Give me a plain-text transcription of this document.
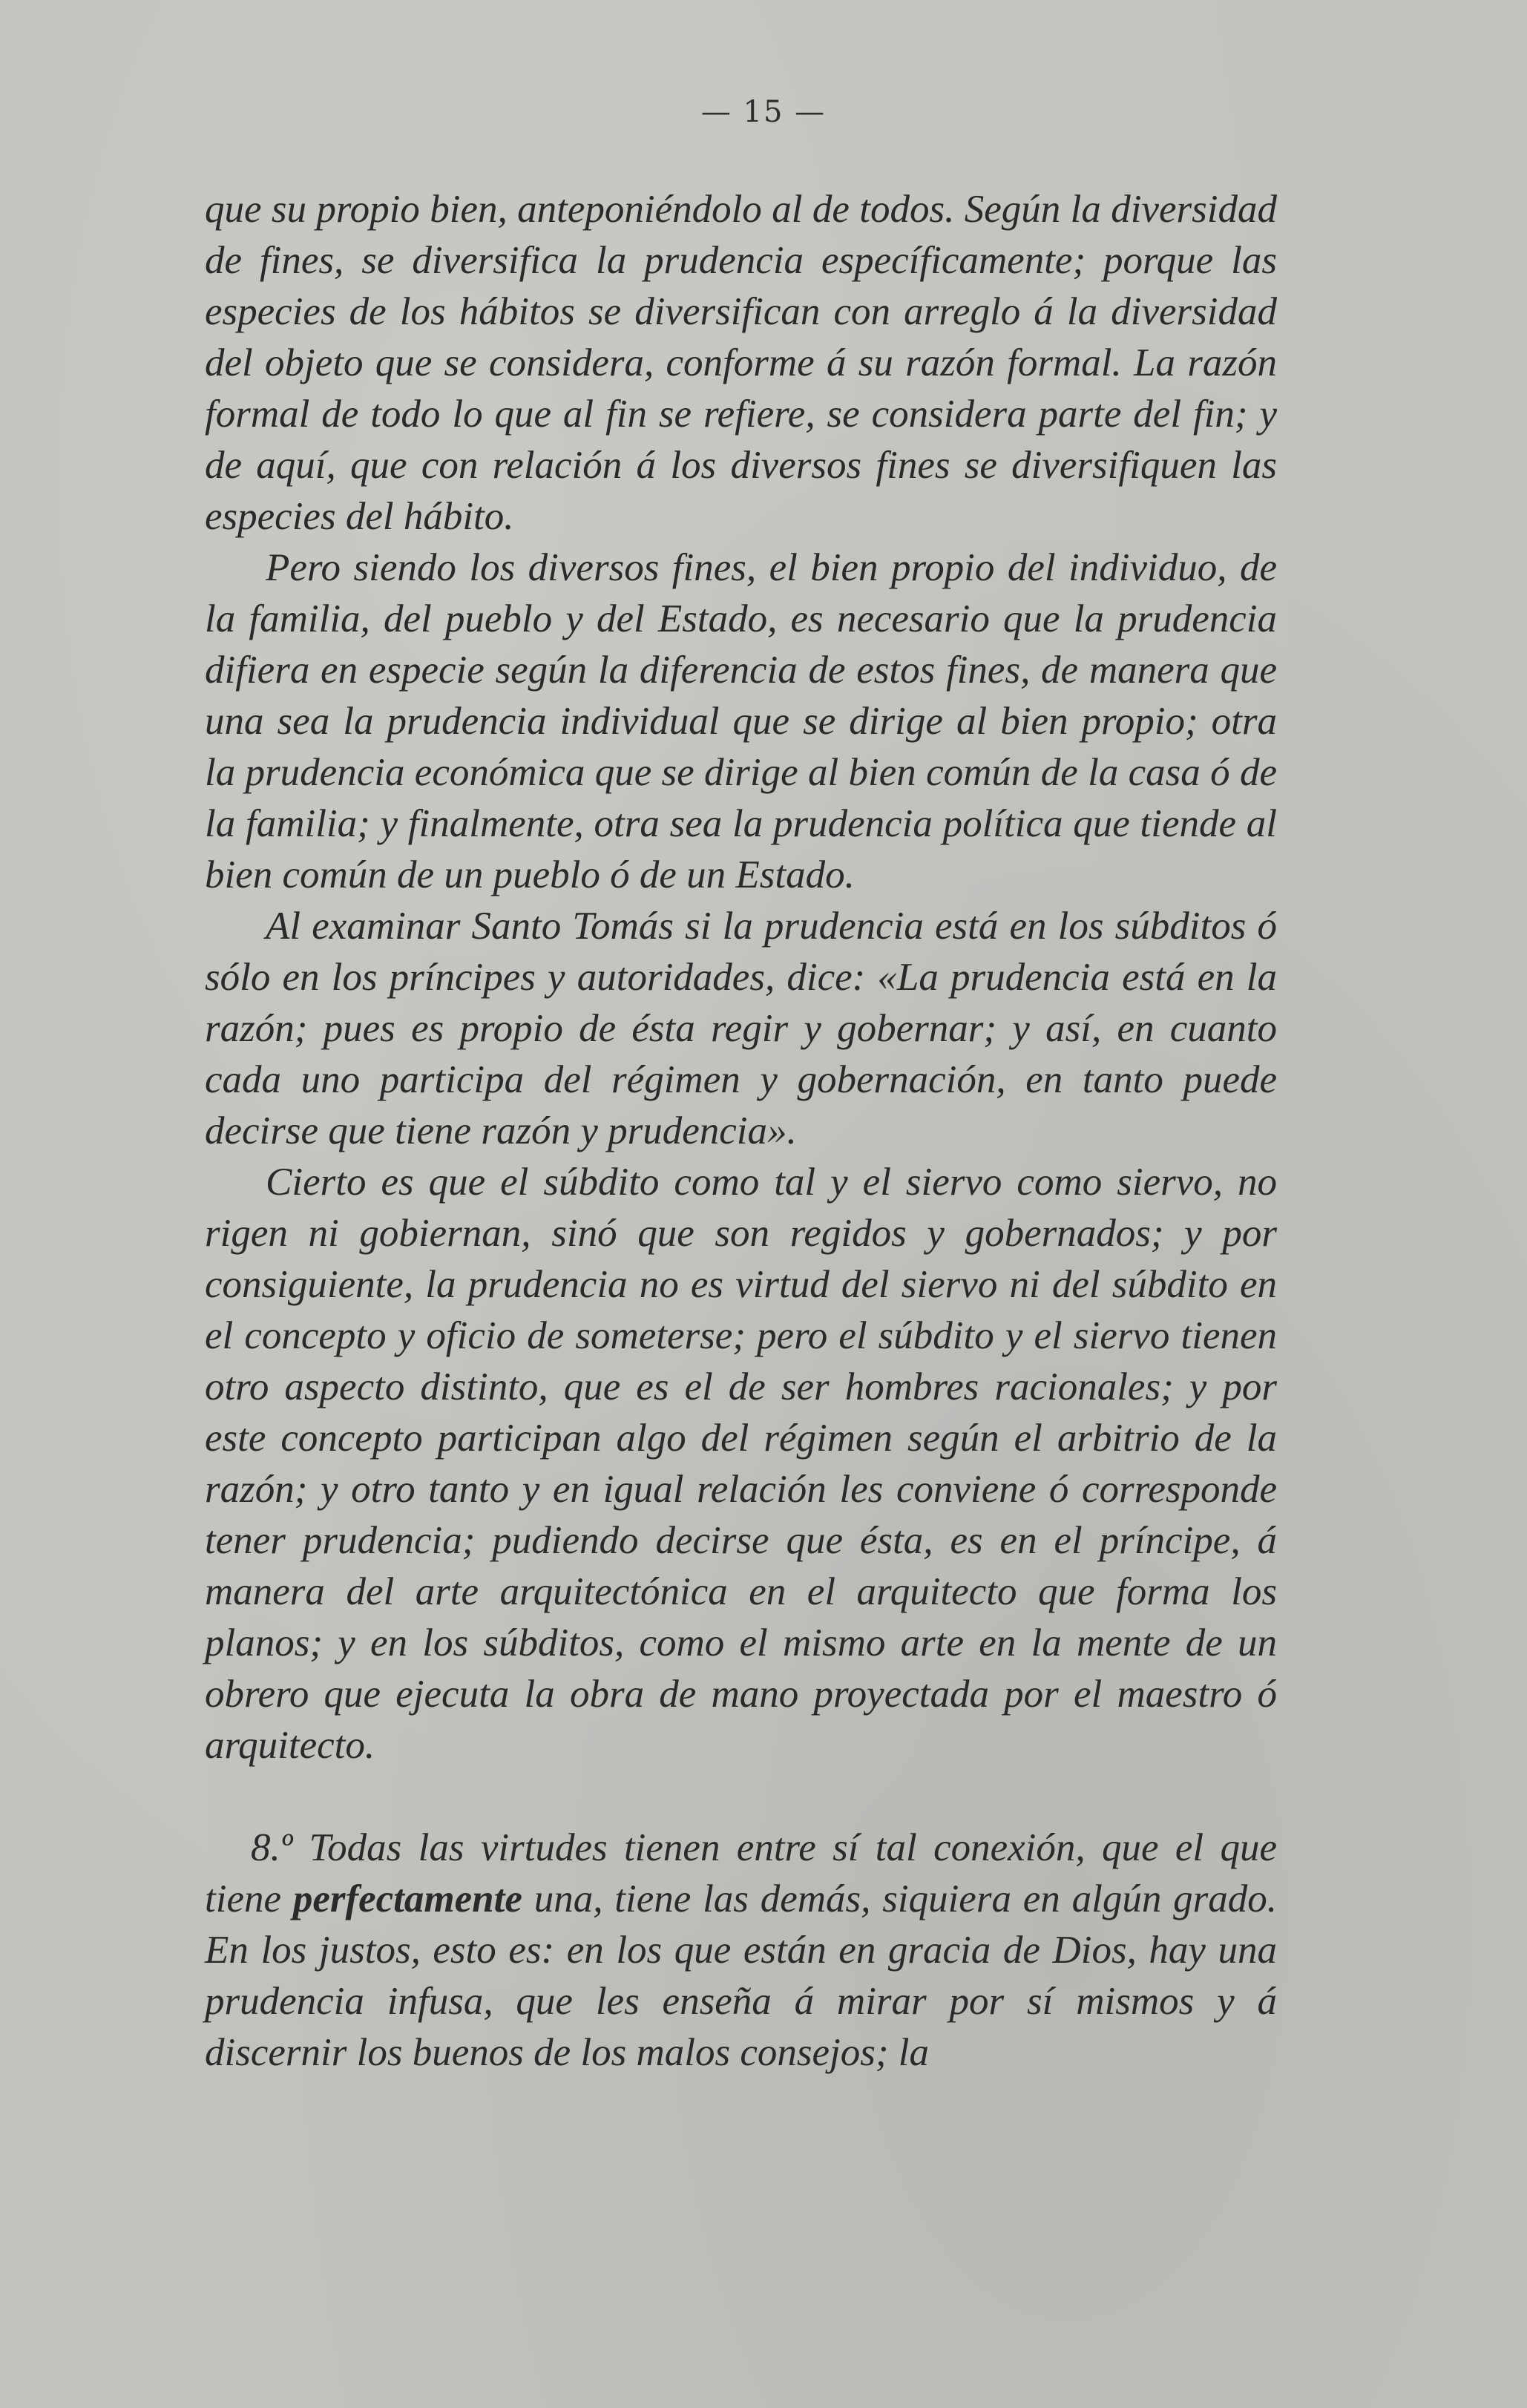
— 15 —

que su propio bien, anteponiéndolo al de todos. Según la diversidad de fines, se diversifica la prudencia específicamente; porque las especies de los hábitos se diversifican con arreglo á la diversidad del objeto que se considera, conforme á su razón formal. La razón formal de todo lo que al fin se refiere, se considera parte del fin; y de aquí, que con relación á los diversos fines se diversifiquen las especies del hábito.

Pero siendo los diversos fines, el bien propio del individuo, de la familia, del pueblo y del Estado, es necesario que la prudencia difiera en especie según la diferencia de estos fines, de manera que una sea la prudencia individual que se dirige al bien propio; otra la prudencia económica que se dirige al bien común de la casa ó de la familia; y finalmente, otra sea la prudencia política que tiende al bien común de un pueblo ó de un Estado.

Al examinar Santo Tomás si la prudencia está en los súbditos ó sólo en los príncipes y autoridades, dice: «La prudencia está en la razón; pues es propio de ésta regir y gobernar; y así, en cuanto cada uno participa del régimen y gobernación, en tanto puede decirse que tiene razón y prudencia».

Cierto es que el súbdito como tal y el siervo como siervo, no rigen ni gobiernan, sinó que son regidos y gobernados; y por consiguiente, la prudencia no es virtud del siervo ni del súbdito en el concepto y oficio de someterse; pero el súbdito y el siervo tienen otro aspecto distinto, que es el de ser hombres racionales; y por este concepto participan algo del régimen según el arbitrio de la razón; y otro tanto y en igual relación les conviene ó corresponde tener prudencia; pudiendo decirse que ésta, es en el príncipe, á manera del arte arquitectónica en el arquitecto que forma los planos; y en los súbditos, como el mismo arte en la mente de un obrero que ejecuta la obra de mano proyectada por el maestro ó arquitecto.

8.º Todas las virtudes tienen entre sí tal conexión, que el que tiene perfectamente una, tiene las demás, siquiera en algún grado. En los justos, esto es: en los que están en gracia de Dios, hay una prudencia infusa, que les enseña á mirar por sí mismos y á discernir los buenos de los malos consejos; la
